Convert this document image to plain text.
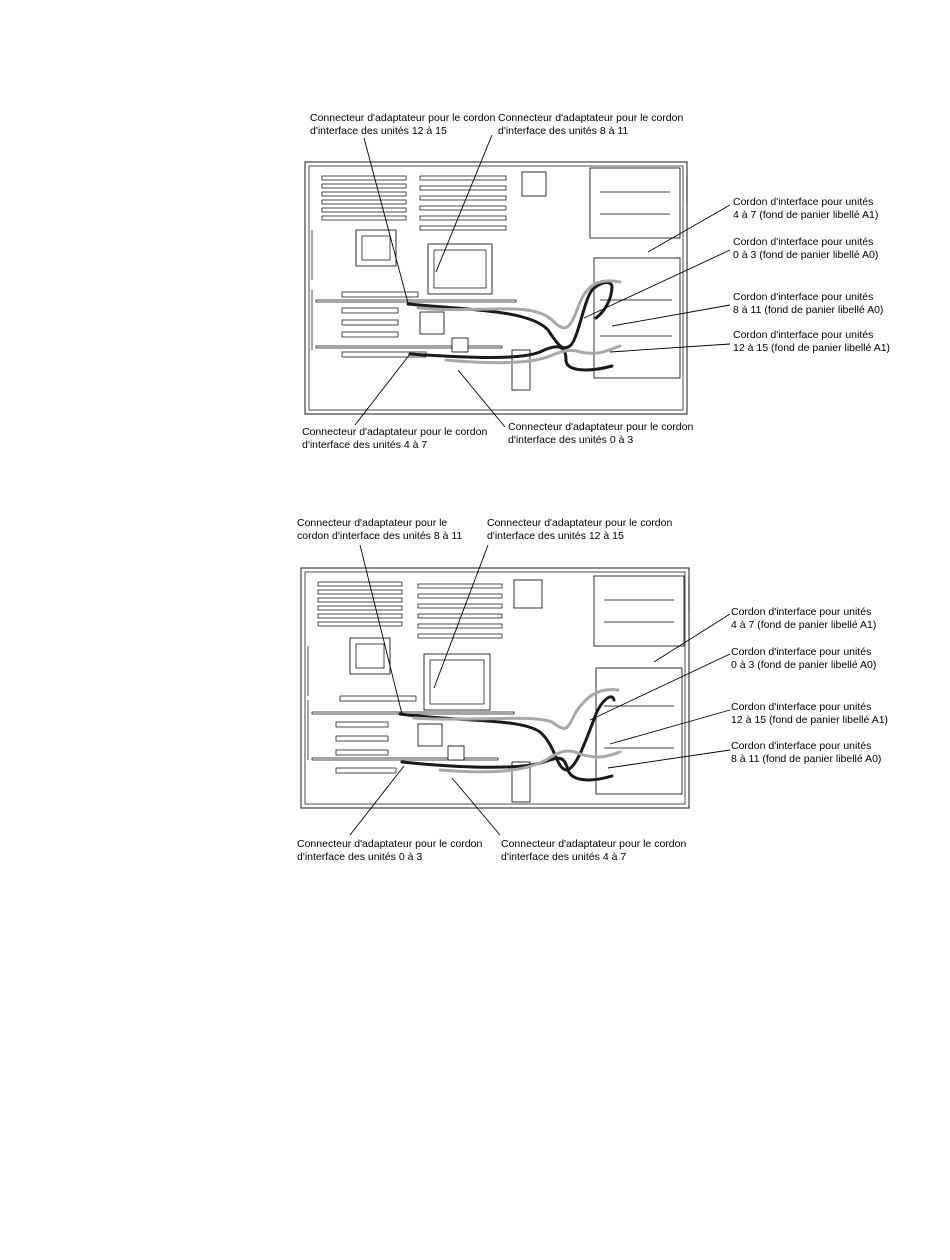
Connecteur d'adaptateur pour le cordon
d'interface des unités 12 à 15
Connecteur d'adaptateur pour le cordon
d'interface des unités 8 à 11
Cordon d'interface pour unités
4 à 7 (fond de panier libellé A1)
Cordon d'interface pour unités
0 à 3 (fond de panier libellé A0)
Cordon d'interface pour unités
8 à 11 (fond de panier libellé A0)
Cordon d'interface pour unités
12 à 15 (fond de panier libellé A1)
Connecteur d'adaptateur pour le cordon
d'interface des unités 4 à 7
Connecteur d'adaptateur pour le cordon
d'interface des unités 0 à 3
Connecteur d'adaptateur pour le
cordon d'interface des unités 8 à 11
Connecteur d'adaptateur pour le cordon
d'interface des unités 12 à 15
Cordon d'interface pour unités
4 à 7 (fond de panier libellé A1)
Cordon d'interface pour unités
0 à 3 (fond de panier libellé A0)
Cordon d'interface pour unités
12 à 15 (fond de panier libellé A1)
Cordon d'interface pour unités
8 à 11 (fond de panier libellé A0)
Connecteur d'adaptateur pour le cordon
d'interface des unités 0 à 3
Connecteur d'adaptateur pour le cordon
d'interface des unités 4 à 7
